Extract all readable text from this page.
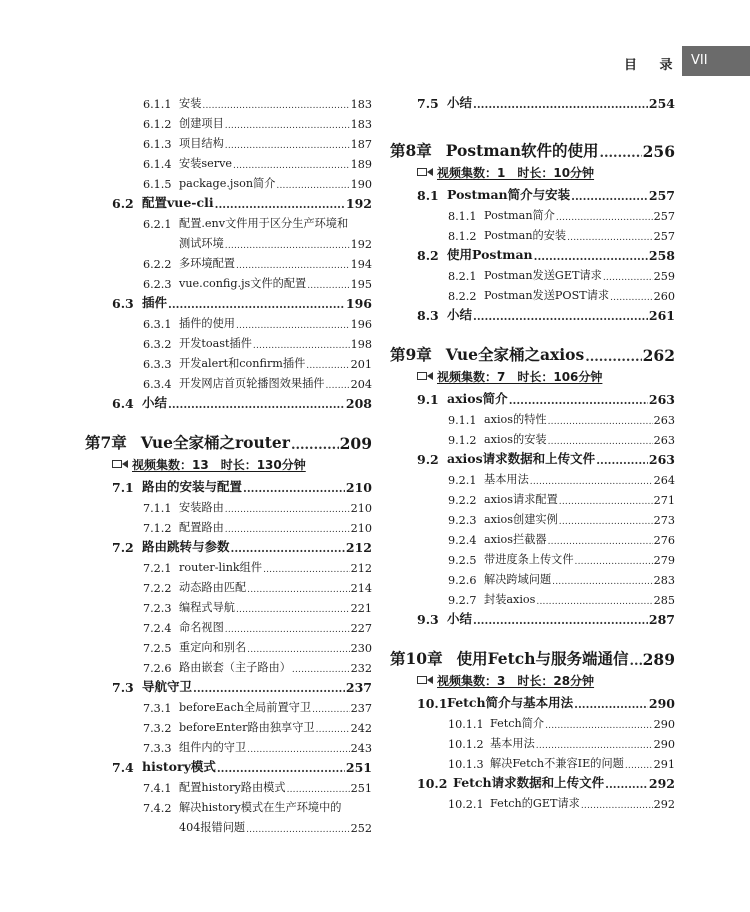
目 录 VII
6.1.1 安装 .....	183
6.1.2 创建项目 .....	183
6.1.3 项目结构 .....	187
6.1.4 安装serve .....	189
6.1.5 package.json简介 .....	190
6.2 配置vue-cli .....	192
6.2.1 配置.env文件用于区分生产环境和
测试环境 .....	192
6.2.2 多环境配置 .....	194
6.2.3 vue.config.js文件的配置 .....	195
6.3 插件 .....	196
6.3.1 插件的使用 .....	196
6.3.2 开发toast插件 .....	198
6.3.3 开发alert和confirm插件 .....	201
6.3.4 开发网店首页轮播图效果插件 ..... 204
6.4 小结 .....	208
第7章 Vue全家桶之router .....	209
视频集数：13　时长：130分钟
7.1 路由的安装与配置 .....	210
7.1.1 安装路由 .....	210
7.1.2 配置路由 .....	210
7.2 路由跳转与参数 .....	212
7.2.1 router-link组件 .....	212
7.2.2 动态路由匹配 .....	214
7.2.3 编程式导航 .....	221
7.2.4 命名视图 .....	227
7.2.5 重定向和别名 .....	230
7.2.6 路由嵌套（主子路由） .....	232
7.3 导航守卫 .....	237
7.3.1 beforeEach全局前置守卫 .....	237
7.3.2 beforeEnter路由独享守卫 .....	242
7.3.3 组件内的守卫 .....	243
7.4 history模式 .....	251
7.4.1 配置history路由模式 .....	251
7.4.2 解决history模式在生产环境中的
404报错问题 .....	252
7.5 小结 .....	254
第8章 Postman软件的使用 .....	256
视频集数：1　时长：10分钟
8.1 Postman简介与安装 .....	257
8.1.1 Postman简介 .....	257
8.1.2 Postman的安装 .....	257
8.2 使用Postman .....	258
8.2.1 Postman发送GET请求 .....	259
8.2.2 Postman发送POST请求 .....	260
8.3 小结 .....	261
第9章 Vue全家桶之axios .....	262
视频集数：7　时长：106分钟
9.1 axios简介 .....	263
9.1.1 axios的特性 .....	263
9.1.2 axios的安装 .....	263
9.2 axios请求数据和上传文件 .....	263
9.2.1 基本用法 .....	264
9.2.2 axios请求配置 .....	271
9.2.3 axios创建实例 .....	273
9.2.4 axios拦截器 .....	276
9.2.5 带进度条上传文件 .....	279
9.2.6 解决跨域问题 .....	283
9.2.7 封装axios .....	285
9.3 小结 .....	287
第10章 使用Fetch与服务端通信 ..... 289
视频集数：3　时长：28分钟
10.1 Fetch简介与基本用法 .....	290
10.1.1 Fetch简介 .....	290
10.1.2 基本用法 .....	290
10.1.3 解决Fetch不兼容IE的问题 .....	291
10.2 Fetch请求数据和上传文件 .....	292
10.2.1 Fetch的GET请求 .....	292
